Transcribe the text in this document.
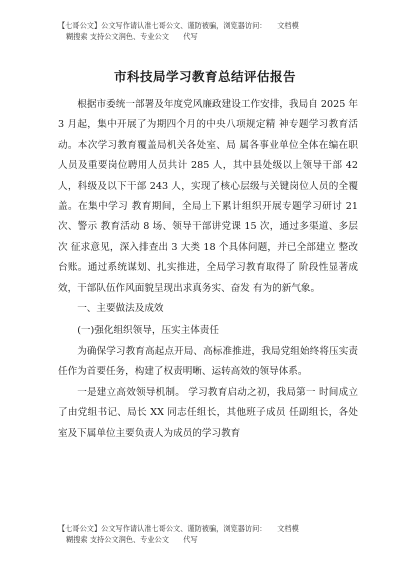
【七哥公文】公文写作请认准七哥公文、谨防被骗，浏览器访问：　　文档模
糊搜索 支持公文润色、专业公文　　代写
市科技局学习教育总结评估报告

根据市委统一部署及年度党风廉政建设工作安排，我局自 2025 年 3 月起，集中开展了为期四个月的中央八项规定精 神专题学习教育活动。本次学习教育覆盖局机关各处室、局 属各事业单位全体在编在职人员及重要岗位聘用人员共计 285 人，其中县处级以上领导干部 42 人，科级及以下干部 243 人，实现了核心层级与关键岗位人员的全覆盖。在集中学习 教育期间，全局上下累计组织开展专题学习研讨 21 次、警示 教育活动 8 场、领导干部讲党课 15 次，通过多渠道、多层次 征求意见，深入排查出 3 大类 18 个具体问题，并已全部建立 整改台账。通过系统谋划、扎实推进，全局学习教育取得了 阶段性显著成效，干部队伍作风面貌呈现出求真务实、奋发 有为的新气象。

一、主要做法及成效

(一)强化组织领导，压实主体责任

为确保学习教育高起点开局、高标准推进，我局党组始终将压实责任作为首要任务，构建了权责明晰、运转高效的领导体系。

一是建立高效领导机制。 学习教育启动之初，我局第一 时间成立了由党组书记、局长 XX 同志任组长，其他班子成员 任副组长，各处室及下属单位主要负责人为成员的学习教育

【七哥公文】公文写作请认准七哥公文、谨防被骗，浏览器访问：　　文档模
糊搜索 支持公文润色、专业公文　　代写
